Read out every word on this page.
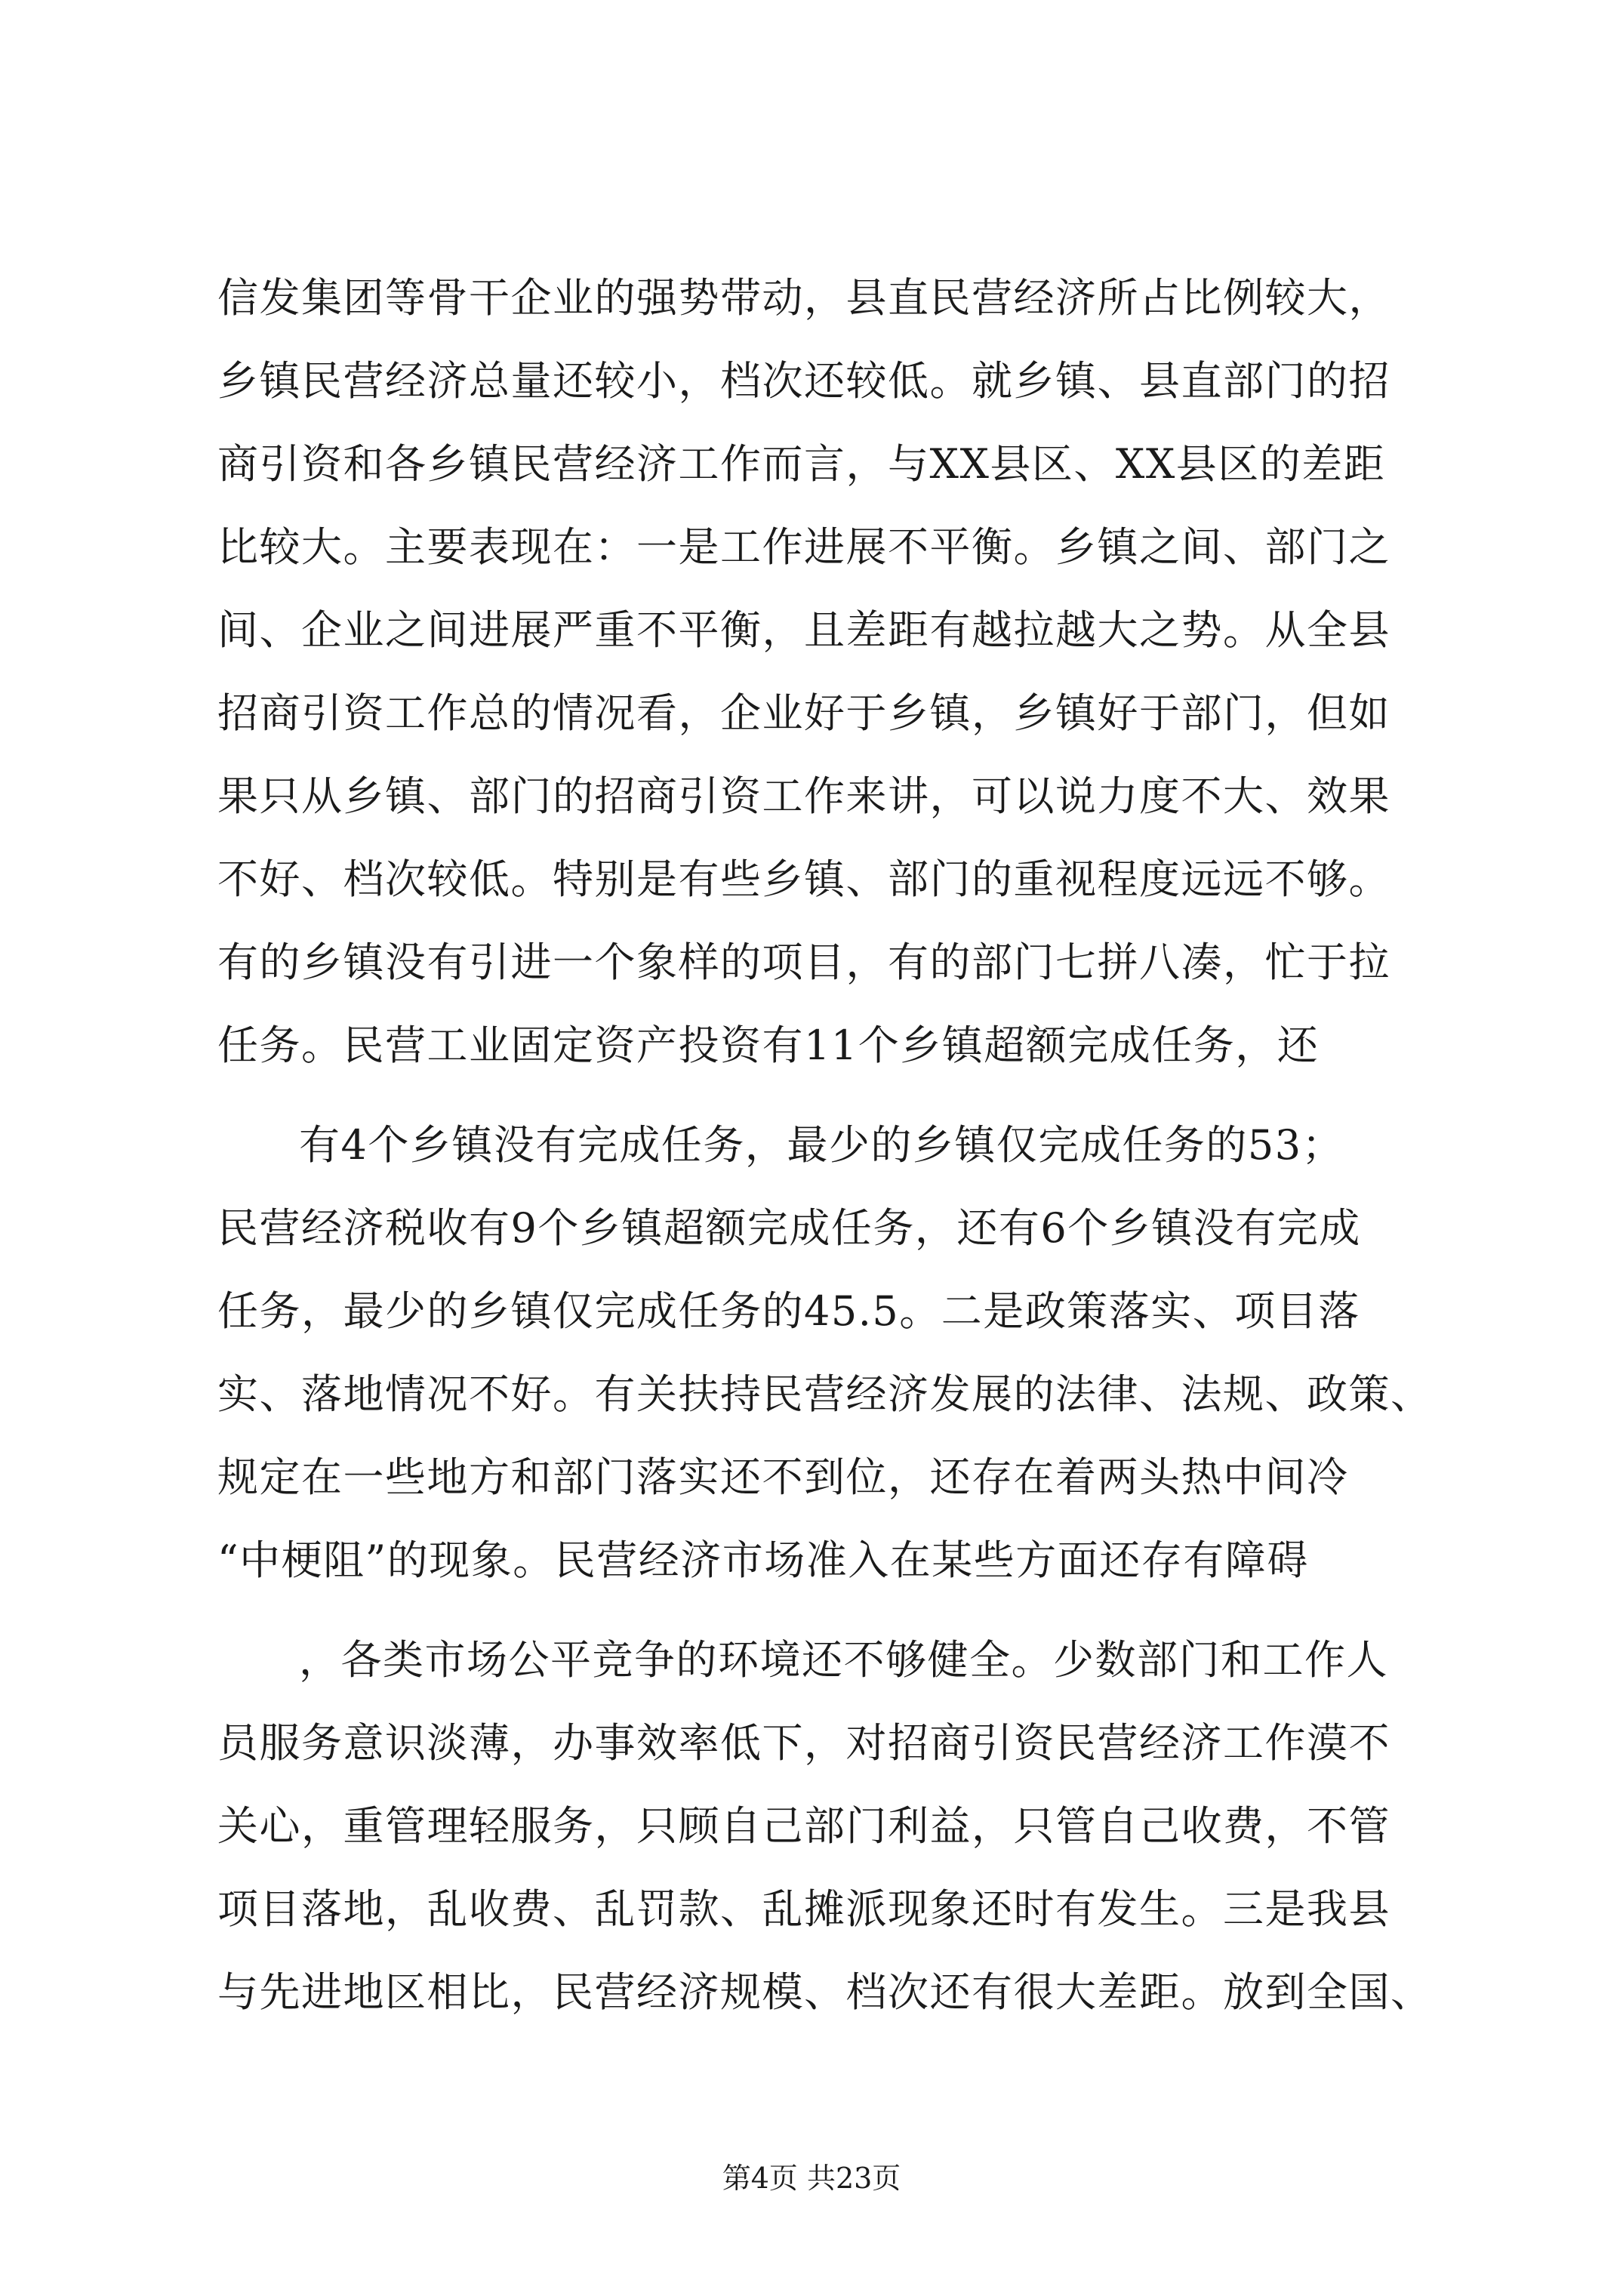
信发集团等骨干企业的强势带动，县直民营经济所占比例较大，
乡镇民营经济总量还较小，档次还较低。就乡镇、县直部门的招
商引资和各乡镇民营经济工作而言，与XX县区、XX县区的差距
比较大。主要表现在：一是工作进展不平衡。乡镇之间、部门之
间、企业之间进展严重不平衡，且差距有越拉越大之势。从全县
招商引资工作总的情况看，企业好于乡镇，乡镇好于部门，但如
果只从乡镇、部门的招商引资工作来讲，可以说力度不大、效果
不好、档次较低。特别是有些乡镇、部门的重视程度远远不够。
有的乡镇没有引进一个象样的项目，有的部门七拼八凑，忙于拉
任务。民营工业固定资产投资有11个乡镇超额完成任务，还
有4个乡镇没有完成任务，最少的乡镇仅完成任务的53；
民营经济税收有9个乡镇超额完成任务，还有6个乡镇没有完成
任务，最少的乡镇仅完成任务的45.5。二是政策落实、项目落
实、落地情况不好。有关扶持民营经济发展的法律、法规、政策、
规定在一些地方和部门落实还不到位，还存在着两头热中间冷
“中梗阻”的现象。民营经济市场准入在某些方面还存有障碍
，各类市场公平竞争的环境还不够健全。少数部门和工作人
员服务意识淡薄，办事效率低下，对招商引资民营经济工作漠不
关心，重管理轻服务，只顾自己部门利益，只管自己收费，不管
项目落地，乱收费、乱罚款、乱摊派现象还时有发生。三是我县
与先进地区相比，民营经济规模、档次还有很大差距。放到全国、
第4页 共23页
